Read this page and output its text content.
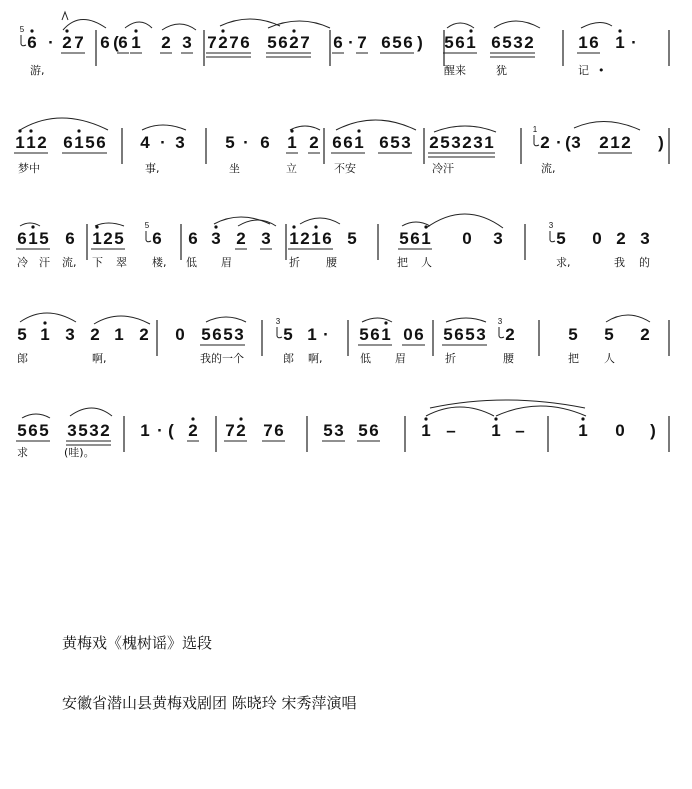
6
5
· 2 7 6 ( 6 1 2 3 7 2 7 6 5 6 2 7 6 · 7 6 5 6 ) 5 6 1 6 5 3 2	1 6 1 ·
1 1 2 6 1 5 6 4 · 3 5 · 6 1 2 6 6 1 6 5 3 2 5 3 2 3 1	2
1
· ( 3 2 1 2 )
6 1 5 6 1 2 5 6
5
6 3 2 3 1 2 1 6 5	5 6 1 0 3	5
3
0 2 3
5 1 3 2 1 2 0 5 6 5 3 5
3
1 · 5 6 1 0 6 5 6 5 3 2
3
5 5 2
5 6 5 3 5 3 2 1 · ( 2 7 2 7 6 5 3 5 6	1 – 1 –	1 0 )
游,	醒来	犹	记 •
梦中	事,	坐	立	不安	冷汗	流,
冷 汗 流, 下 翠 楼, 低 眉	折 腰	把 人	求,	我 的
郎	啊,	我的一个	郎 啊,	低 眉	折	腰	把 人
求	(哇)。
黄梅戏《槐树谣》选段
安徽省潜山县黄梅戏剧团 陈晓玲 宋秀萍演唱
